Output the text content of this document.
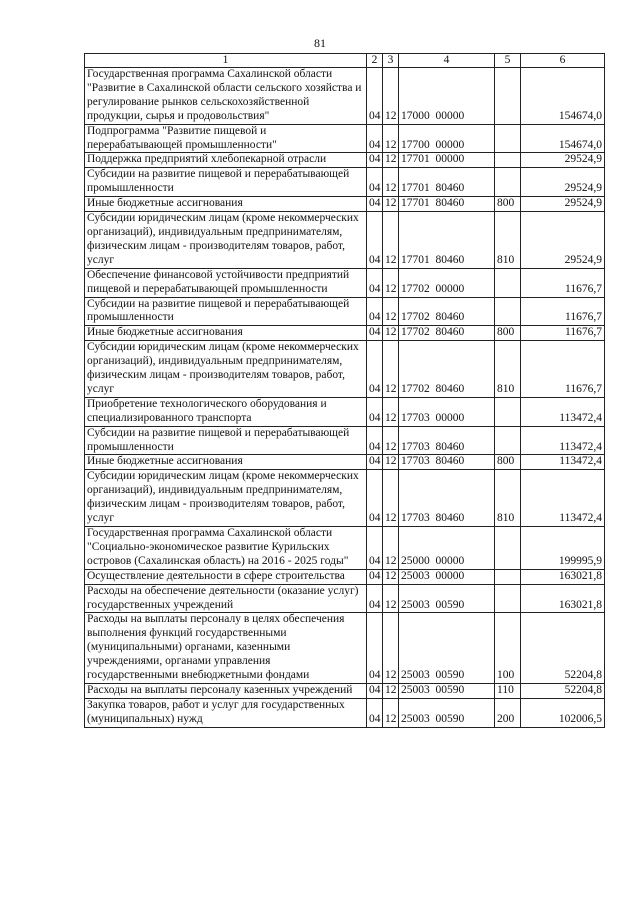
81
1	2	3	4	5	6
Государственная программа Сахалинской области "Развитие в Сахалинской области сельского хозяйства и регулирование рынков сельскохозяйственной продукции, сырья и продовольствия"	04	12	17000  00000		154674,0
Подпрограмма "Развитие пищевой и перерабатывающей промышленности"	04	12	17700  00000		154674,0
Поддержка предприятий хлебопекарной отрасли	04	12	17701  00000		29524,9
Субсидии на развитие пищевой и перерабатывающей промышленности	04	12	17701  80460		29524,9
Иные бюджетные ассигнования	04	12	17701  80460	800	29524,9
Субсидии юридическим лицам (кроме некоммерческих организаций), индивидуальным предпринимателям, физическим лицам - производителям товаров, работ, услуг	04	12	17701  80460	810	29524,9
Обеспечение финансовой устойчивости предприятий пищевой и перерабатывающей промышленности	04	12	17702  00000		11676,7
Субсидии на развитие пищевой и перерабатывающей промышленности	04	12	17702  80460		11676,7
Иные бюджетные ассигнования	04	12	17702  80460	800	11676,7
Субсидии юридическим лицам (кроме некоммерческих организаций), индивидуальным предпринимателям, физическим лицам - производителям товаров, работ, услуг	04	12	17702  80460	810	11676,7
Приобретение технологического оборудования и специализированного транспорта	04	12	17703  00000		113472,4
Субсидии на развитие пищевой и перерабатывающей промышленности	04	12	17703  80460		113472,4
Иные бюджетные ассигнования	04	12	17703  80460	800	113472,4
Субсидии юридическим лицам (кроме некоммерческих организаций), индивидуальным предпринимателям, физическим лицам - производителям товаров, работ, услуг	04	12	17703  80460	810	113472,4
Государственная программа Сахалинской области "Социально-экономическое развитие Курильских островов (Сахалинская область) на 2016 - 2025 годы"	04	12	25000  00000		199995,9
Осуществление деятельности в сфере строительства	04	12	25003  00000		163021,8
Расходы на обеспечение деятельности (оказание услуг) государственных учреждений	04	12	25003  00590		163021,8
Расходы на выплаты персоналу в целях обеспечения выполнения функций государственными (муниципальными) органами, казенными учреждениями, органами управления государственными внебюджетными фондами	04	12	25003  00590	100	52204,8
Расходы на выплаты персоналу казенных учреждений	04	12	25003  00590	110	52204,8
Закупка товаров, работ и услуг для государственных (муниципальных) нужд	04	12	25003  00590	200	102006,5
